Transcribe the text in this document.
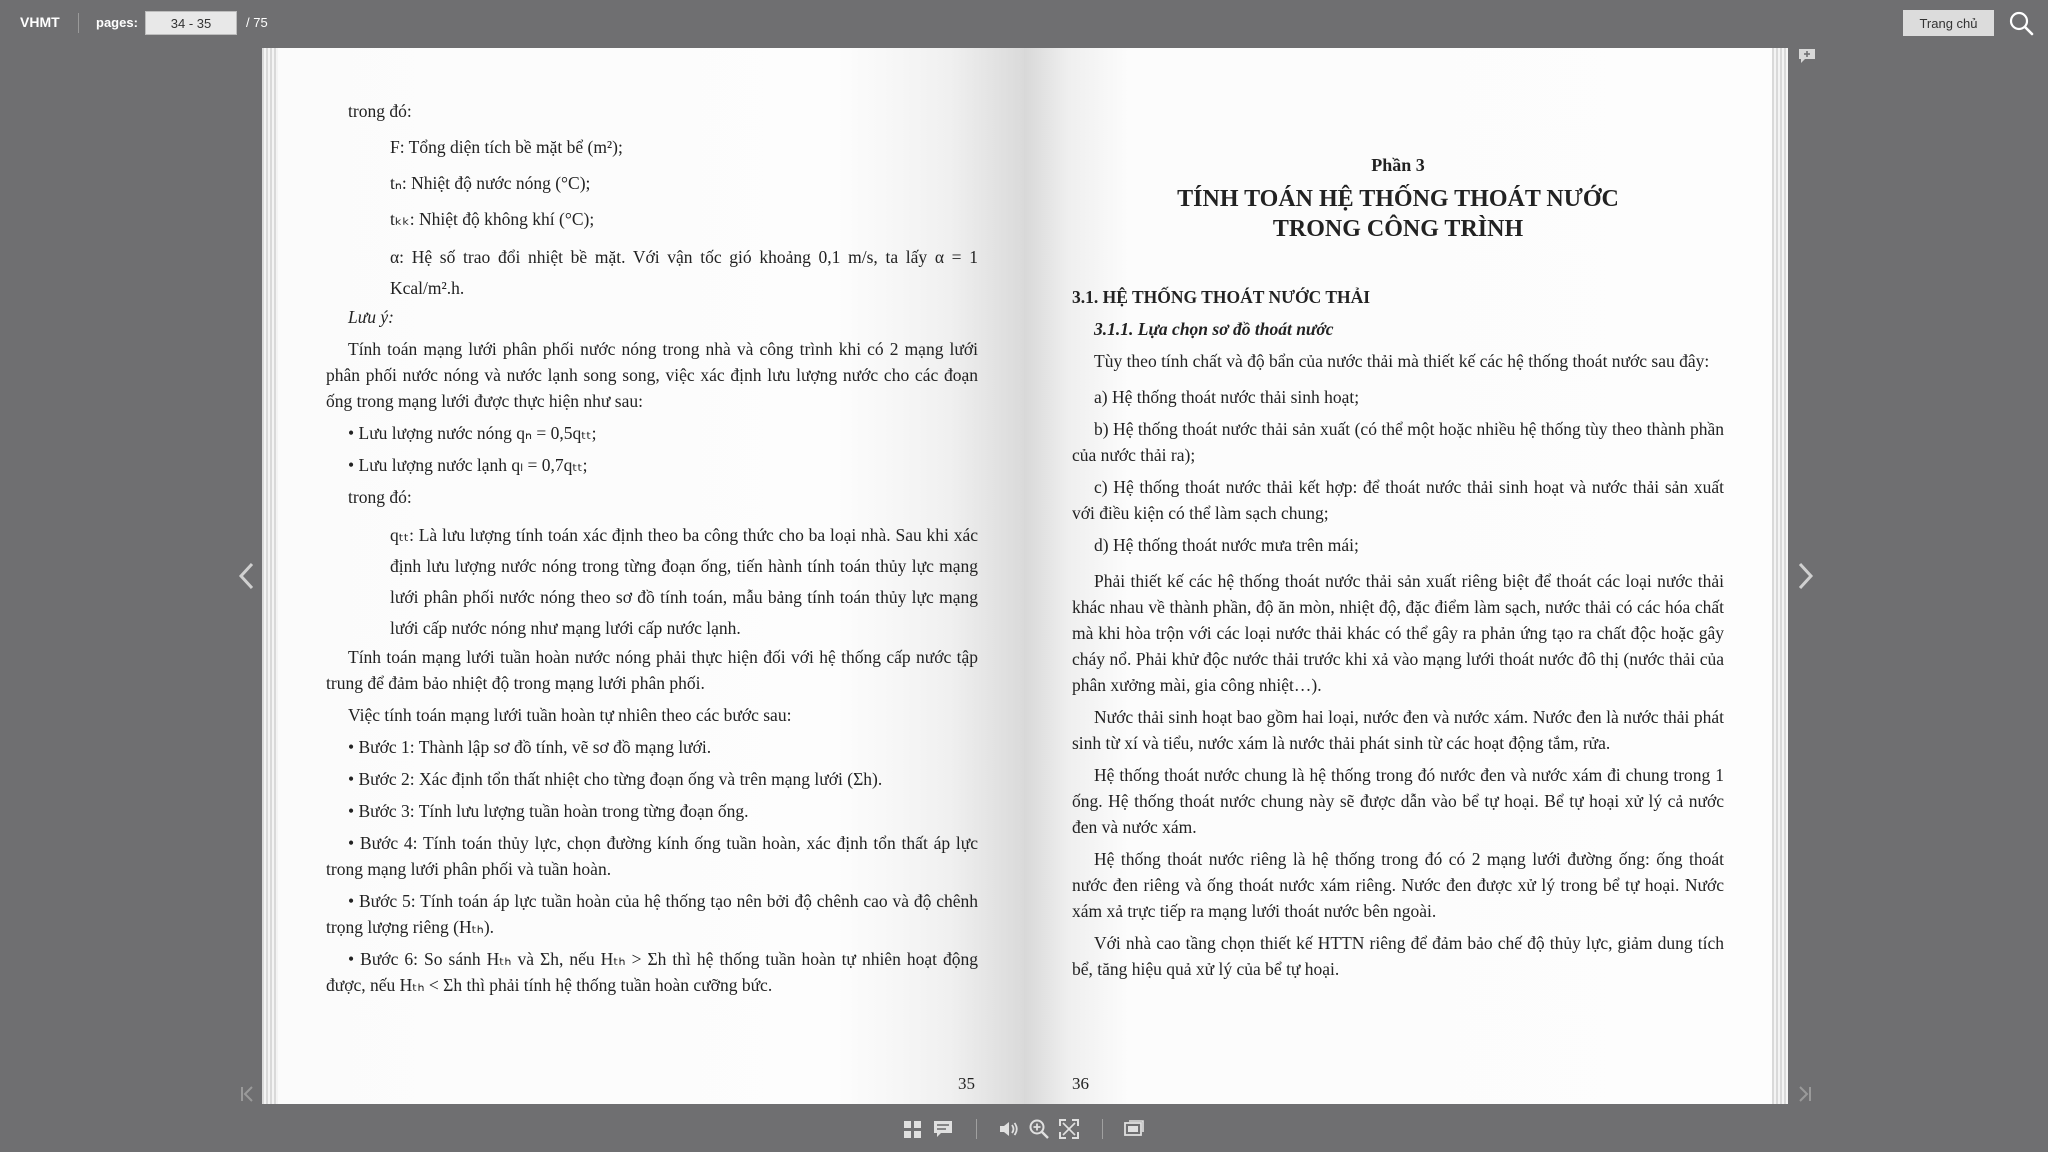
VHMT	pages:
34 - 35	/ 75	Trang chủ

trong đó:

F: Tổng diện tích bề mặt bể (m²);

tₙ: Nhiệt độ nước nóng (°C);

tₖₖ: Nhiệt độ không khí (°C);

α: Hệ số trao đổi nhiệt bề mặt. Với vận tốc gió khoảng 0,1 m/s, ta lấy α = 1 Kcal/m².h.

Lưu ý:

Tính toán mạng lưới phân phối nước nóng trong nhà và công trình khi có 2 mạng lưới phân phối nước nóng và nước lạnh song song, việc xác định lưu lượng nước cho các đoạn ống trong mạng lưới được thực hiện như sau:

• Lưu lượng nước nóng qₙ = 0,5qₜₜ;

• Lưu lượng nước lạnh qₗ = 0,7qₜₜ;

trong đó:

qₜₜ: Là lưu lượng tính toán xác định theo ba công thức cho ba loại nhà. Sau khi xác định lưu lượng nước nóng trong từng đoạn ống, tiến hành tính toán thủy lực mạng lưới phân phối nước nóng theo sơ đồ tính toán, mẫu bảng tính toán thủy lực mạng lưới cấp nước nóng như mạng lưới cấp nước lạnh.

Tính toán mạng lưới tuần hoàn nước nóng phải thực hiện đối với hệ thống cấp nước tập trung để đảm bảo nhiệt độ trong mạng lưới phân phối.

Việc tính toán mạng lưới tuần hoàn tự nhiên theo các bước sau:

• Bước 1: Thành lập sơ đồ tính, vẽ sơ đồ mạng lưới.

• Bước 2: Xác định tổn thất nhiệt cho từng đoạn ống và trên mạng lưới (Σh).

• Bước 3: Tính lưu lượng tuần hoàn trong từng đoạn ống.

• Bước 4: Tính toán thủy lực, chọn đường kính ống tuần hoàn, xác định tổn thất áp lực trong mạng lưới phân phối và tuần hoàn.

• Bước 5: Tính toán áp lực tuần hoàn của hệ thống tạo nên bởi độ chênh cao và độ chênh trọng lượng riêng (Hₜₕ).

• Bước 6: So sánh Hₜₕ và Σh, nếu Hₜₕ > Σh thì hệ thống tuần hoàn tự nhiên hoạt động được, nếu Hₜₕ < Σh thì phải tính hệ thống tuần hoàn cưỡng bức.

35

Phần 3

TÍNH TOÁN HỆ THỐNG THOÁT NƯỚC

TRONG CÔNG TRÌNH

3.1. HỆ THỐNG THOÁT NƯỚC THẢI

3.1.1. Lựa chọn sơ đồ thoát nước

Tùy theo tính chất và độ bẩn của nước thải mà thiết kế các hệ thống thoát nước sau đây:

a) Hệ thống thoát nước thải sinh hoạt;

b) Hệ thống thoát nước thải sản xuất (có thể một hoặc nhiều hệ thống tùy theo thành phần của nước thải ra);

c) Hệ thống thoát nước thải kết hợp: để thoát nước thải sinh hoạt và nước thải sản xuất với điều kiện có thể làm sạch chung;

d) Hệ thống thoát nước mưa trên mái;

Phải thiết kế các hệ thống thoát nước thải sản xuất riêng biệt để thoát các loại nước thải khác nhau về thành phần, độ ăn mòn, nhiệt độ, đặc điểm làm sạch, nước thải có các hóa chất mà khi hòa trộn với các loại nước thải khác có thể gây ra phản ứng tạo ra chất độc hoặc gây cháy nổ. Phải khử độc nước thải trước khi xả vào mạng lưới thoát nước đô thị (nước thải của phân xưởng mài, gia công nhiệt…).

Nước thải sinh hoạt bao gồm hai loại, nước đen và nước xám. Nước đen là nước thải phát sinh từ xí và tiểu, nước xám là nước thải phát sinh từ các hoạt động tắm, rửa.

Hệ thống thoát nước chung là hệ thống trong đó nước đen và nước xám đi chung trong 1 ống. Hệ thống thoát nước chung này sẽ được dẫn vào bể tự hoại. Bể tự hoại xử lý cả nước đen và nước xám.

Hệ thống thoát nước riêng là hệ thống trong đó có 2 mạng lưới đường ống: ống thoát nước đen riêng và ống thoát nước xám riêng. Nước đen được xử lý trong bể tự hoại. Nước xám xả trực tiếp ra mạng lưới thoát nước bên ngoài.

Với nhà cao tầng chọn thiết kế HTTN riêng để đảm bảo chế độ thủy lực, giảm dung tích bể, tăng hiệu quả xử lý của bể tự hoại.

36
